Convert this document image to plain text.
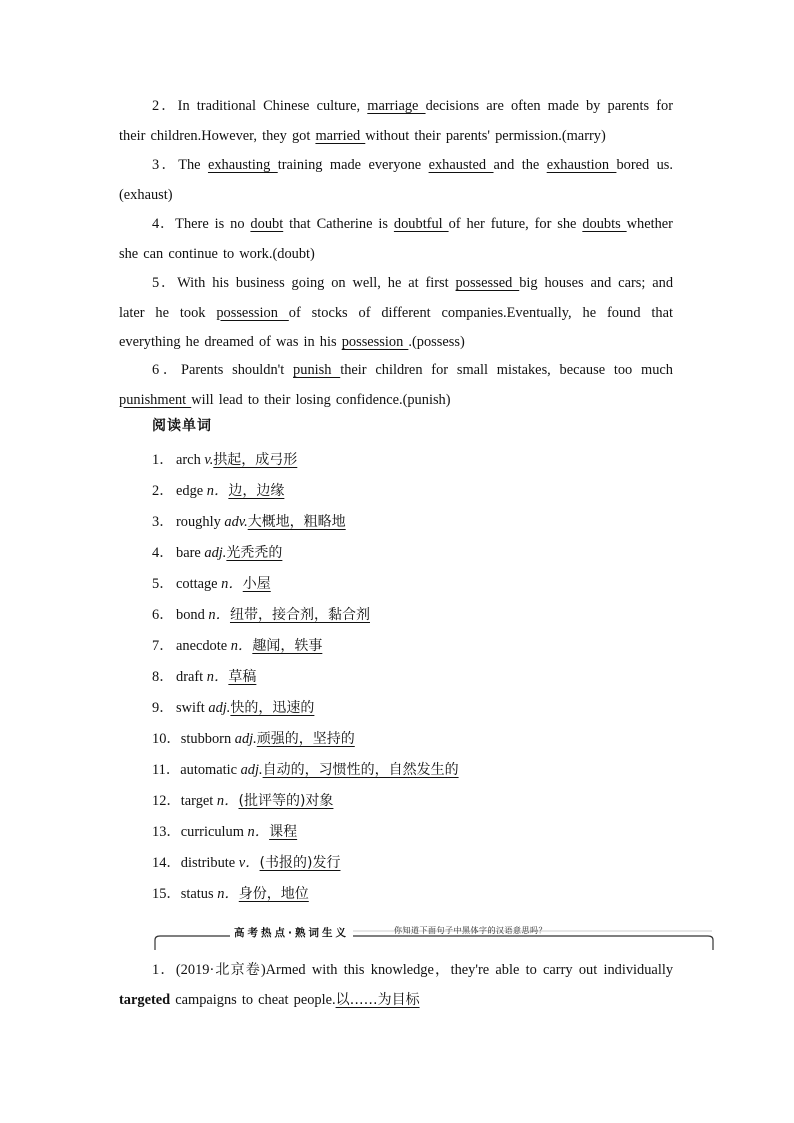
2．In traditional Chinese culture, marriage decisions are often made by parents for their children.However, they got married without their parents' permission.(marry)
3．The exhausting training made everyone exhausted and the exhaustion bored us.(exhaust)
4．There is no doubt that Catherine is doubtful of her future, for she doubts whether she can continue to work.(doubt)
5．With his business going on well, he at first possessed big houses and cars; and later he took possession of stocks of different companies.Eventually, he found that everything he dreamed of was in his possession .(possess)
6．Parents shouldn't punish their children for small mistakes, because too much punishment will lead to their losing confidence.(punish)
阅读单词
1． arch v.拱起，成弓形
2． edge n．边，边缘
3． roughly adv.大概地，粗略地
4． bare adj.光秃秃的
5． cottage n．小屋
6． bond n．纽带，接合剂，黏合剂
7． anecdote n．趣闻，轶事
8． draft n．草稿
9． swift adj.快的，迅速的
10．stubborn adj.顽强的，坚持的
11．automatic adj.自动的，习惯性的，自然发生的
12．target n．(批评等的)对象
13．curriculum n．课程
14．distribute v．(书报的)发行
15．status n．身份，地位
高考热点·熟词生义	你知道下面句子中黑体字的汉语意思吗？
1．(2019·北京卷)Armed with this knowledge，they're able to carry out individually targeted campaigns to cheat people.以……为目标
